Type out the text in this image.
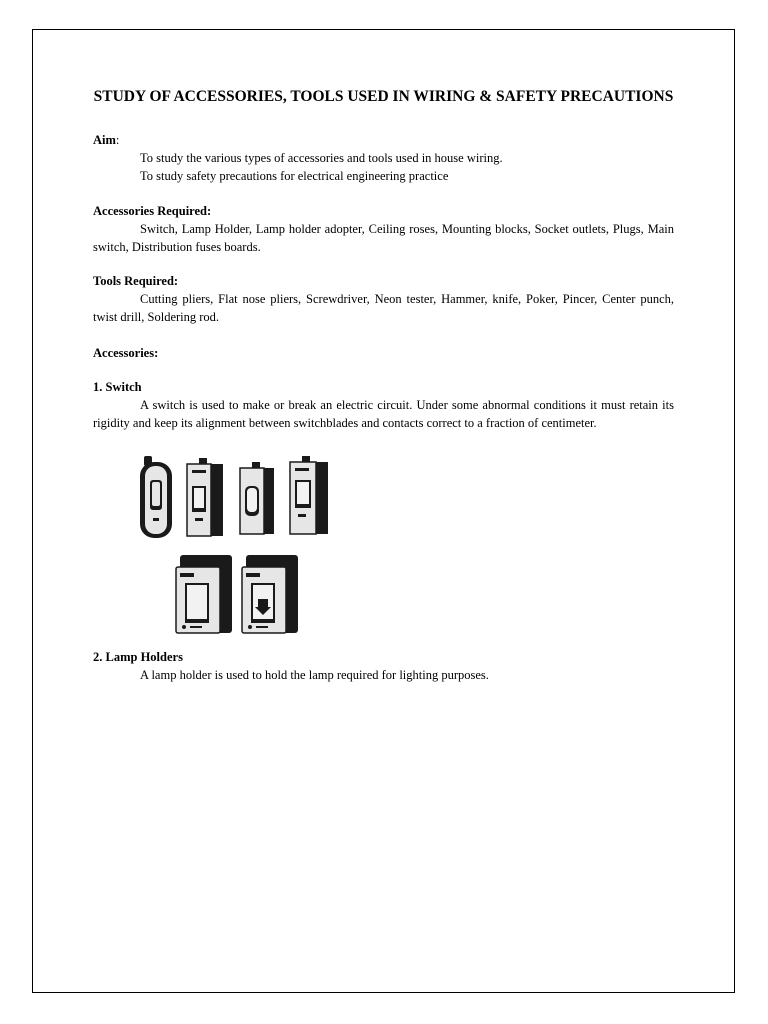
STUDY OF ACCESSORIES, TOOLS USED IN WIRING & SAFETY PRECAUTIONS

Aim:

To study the various types of accessories and tools used in house wiring.

To study safety precautions for electrical engineering practice

Accessories Required:

Switch, Lamp Holder, Lamp holder adopter, Ceiling roses, Mounting blocks, Socket outlets, Plugs, Main switch, Distribution fuses boards.

Tools Required:

Cutting pliers, Flat nose pliers, Screwdriver, Neon tester, Hammer, knife, Poker, Pincer, Center punch, twist drill, Soldering rod.

Accessories:

1. Switch

A switch is used to make or break an electric circuit. Under some abnormal conditions it must retain its rigidity and keep its alignment between switchblades and contacts correct to a fraction of centimeter.

2. Lamp Holders

A lamp holder is used to hold the lamp required for lighting purposes.
